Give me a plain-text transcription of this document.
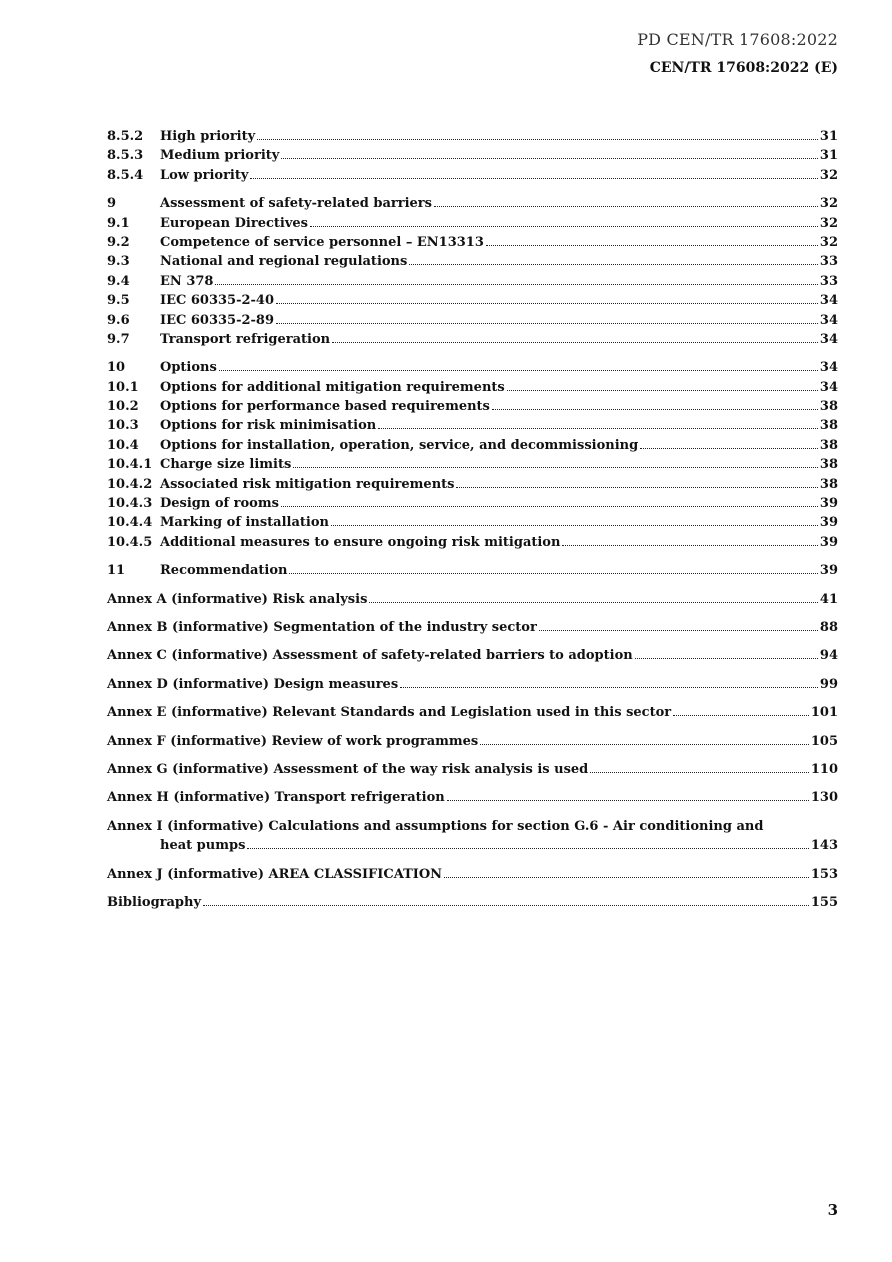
PD CEN/TR 17608:2022
CEN/TR 17608:2022 (E)
8.5.2	High priority	31
8.5.3	Medium priority	31
8.5.4	Low priority	32
9	Assessment of safety-related barriers	32
9.1	European Directives	32
9.2	Competence of service personnel – EN13313	32
9.3	National and regional regulations	33
9.4	EN 378	33
9.5	IEC 60335-2-40	34
9.6	IEC 60335-2-89	34
9.7	Transport refrigeration	34
10	Options	34
10.1	Options for additional mitigation requirements	34
10.2	Options for performance based requirements	38
10.3	Options for risk minimisation	38
10.4	Options for installation, operation, service, and decommissioning	38
10.4.1 Charge size limits	38
10.4.2 Associated risk mitigation requirements	38
10.4.3 Design of rooms	39
10.4.4 Marking of installation	39
10.4.5 Additional measures to ensure ongoing risk mitigation	39
11	Recommendation	39
Annex A (informative) Risk analysis	41
Annex B (informative) Segmentation of the industry sector	88
Annex C (informative) Assessment of safety-related barriers to adoption	94
Annex D (informative) Design measures	99
Annex E (informative) Relevant Standards and Legislation used in this sector	101
Annex F (informative) Review of work programmes	105
Annex G (informative) Assessment of the way risk analysis is used	110
Annex H (informative) Transport refrigeration	130
Annex I (informative) Calculations and assumptions for section G.6 - Air conditioning and
heat pumps	143
Annex J (informative) AREA CLASSIFICATION	153
Bibliography	155
3
